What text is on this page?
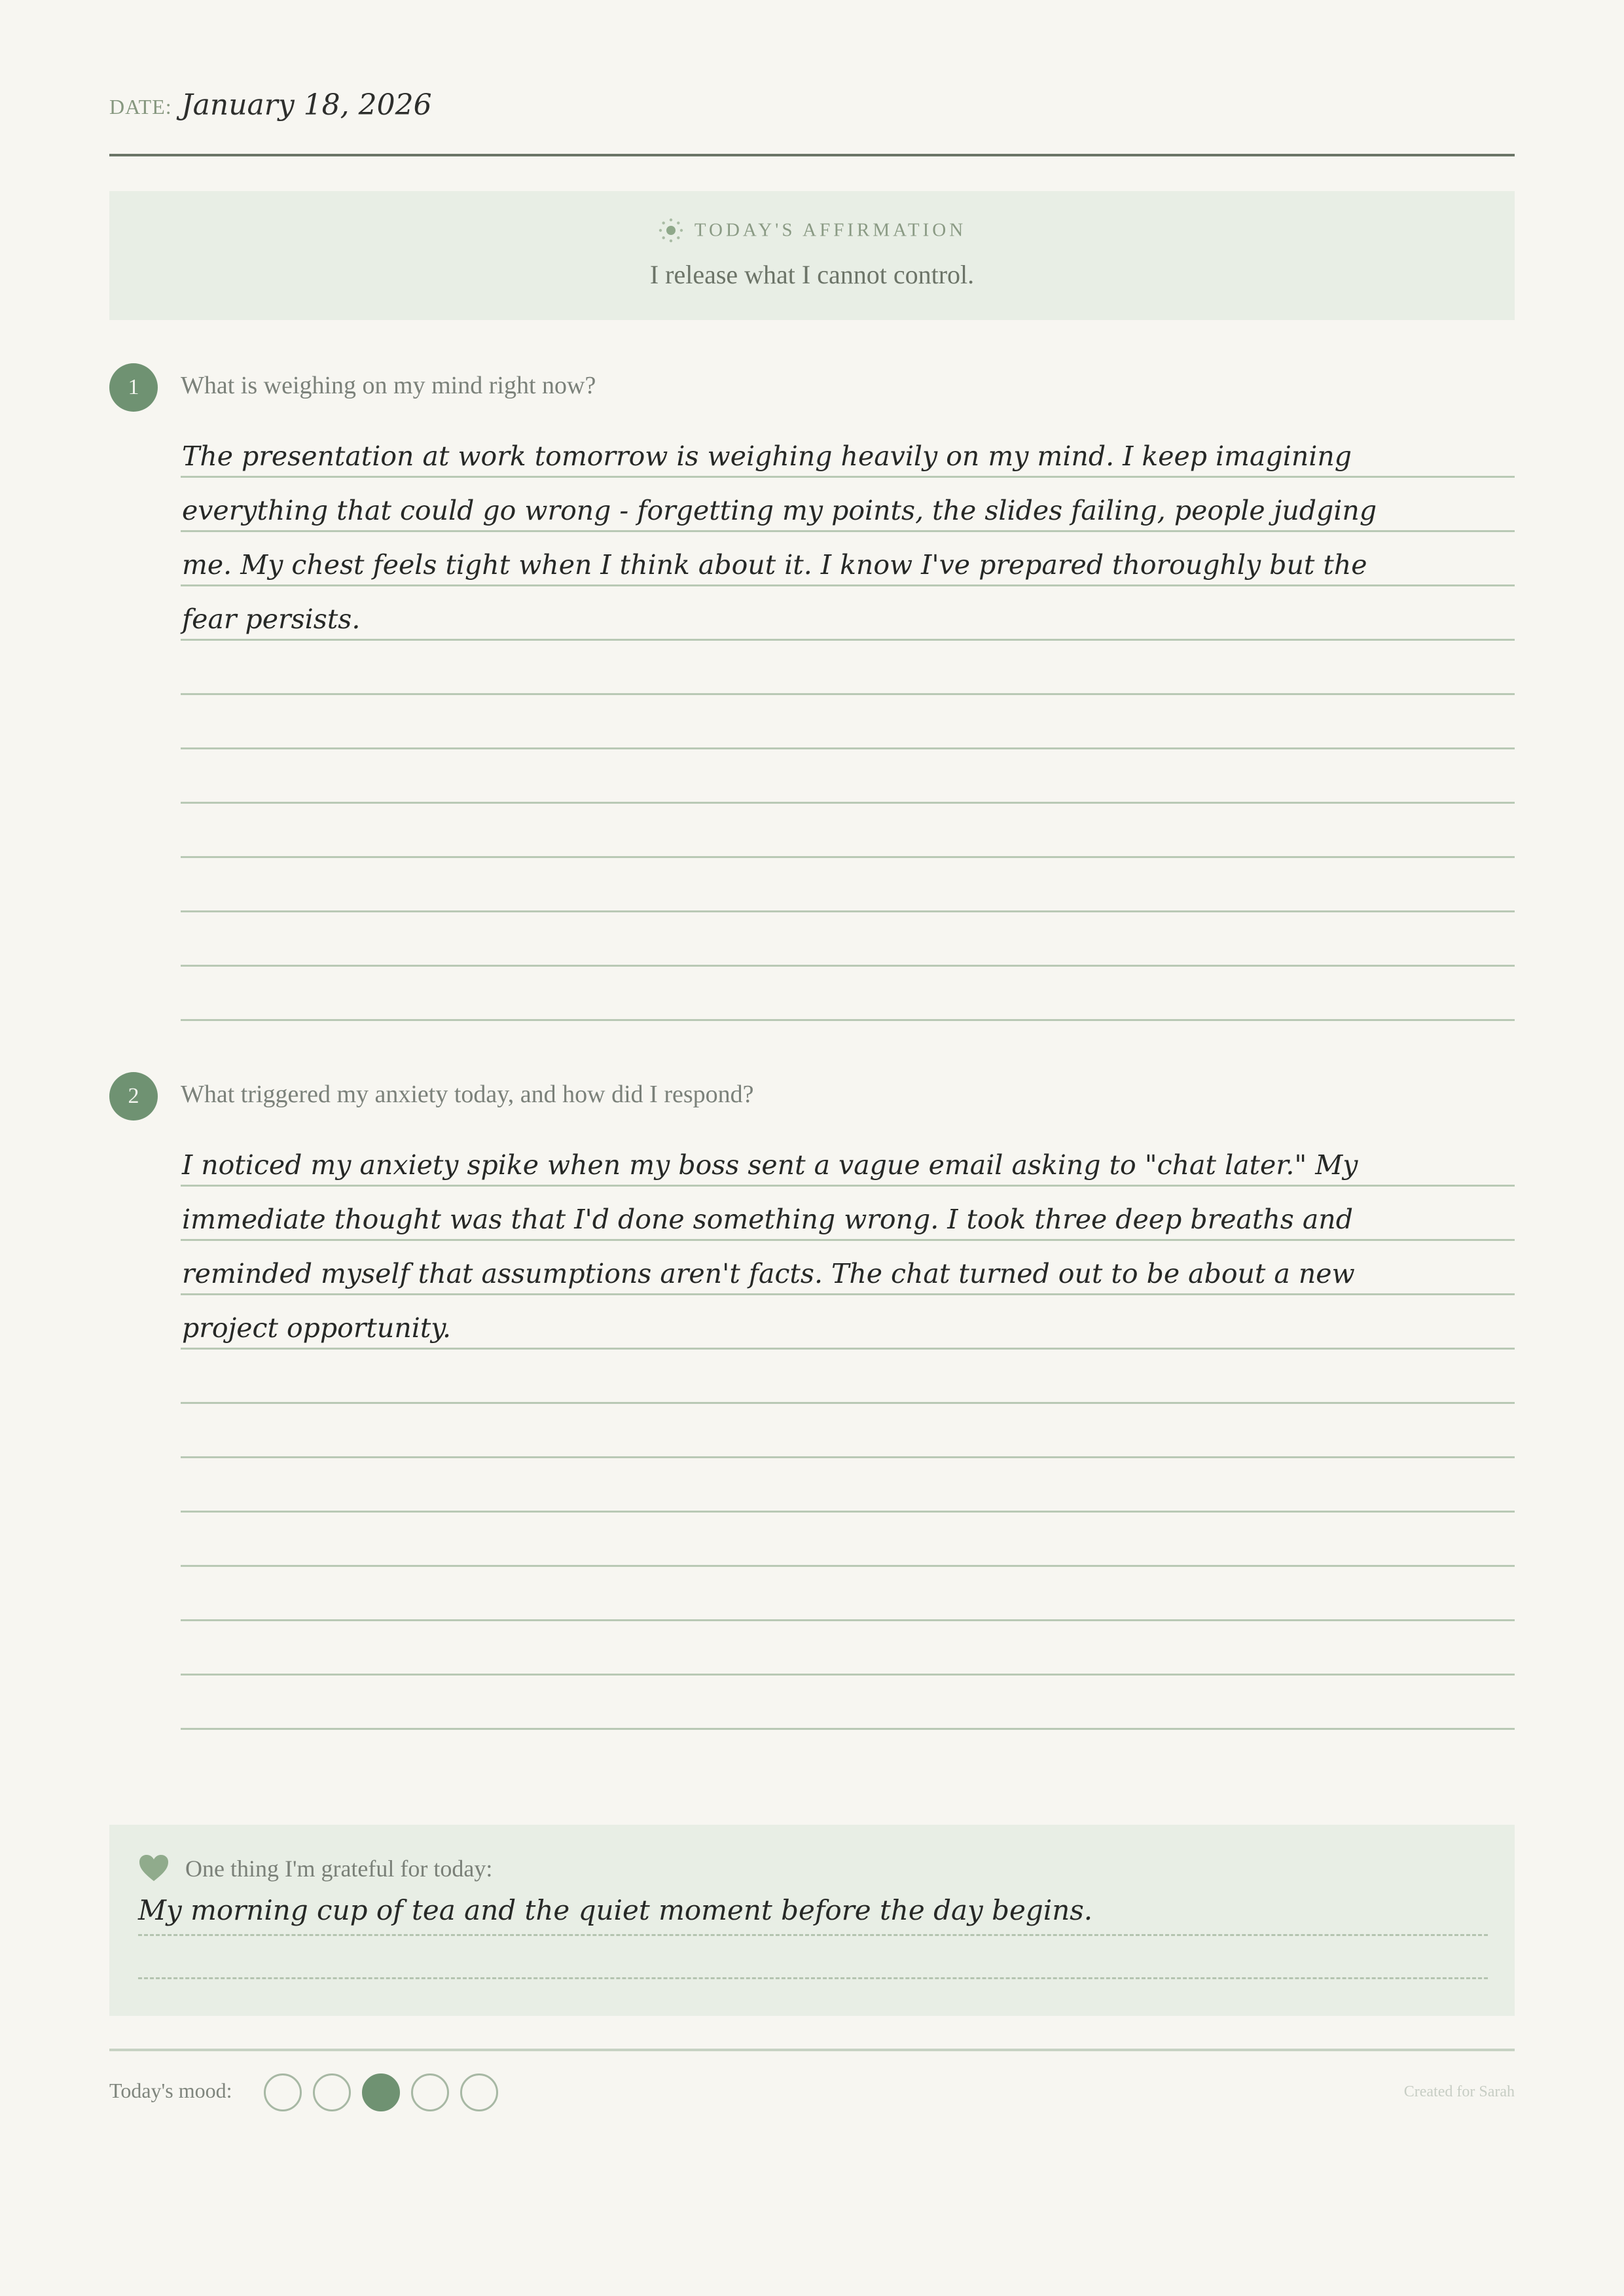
DATE: January 18, 2026
TODAY'S AFFIRMATION
I release what I cannot control.
1	What is weighing on my mind right now?
The presentation at work tomorrow is weighing heavily on my mind. I keep imagining
everything that could go wrong - forgetting my points, the slides failing, people judging
me. My chest feels tight when I think about it. I know I've prepared thoroughly but the
fear persists.
2	What triggered my anxiety today, and how did I respond?
I noticed my anxiety spike when my boss sent a vague email asking to "chat later." My
immediate thought was that I'd done something wrong. I took three deep breaths and
reminded myself that assumptions aren't facts. The chat turned out to be about a new
project opportunity.
One thing I'm grateful for today:
My morning cup of tea and the quiet moment before the day begins.
Today's mood:	Created for Sarah
